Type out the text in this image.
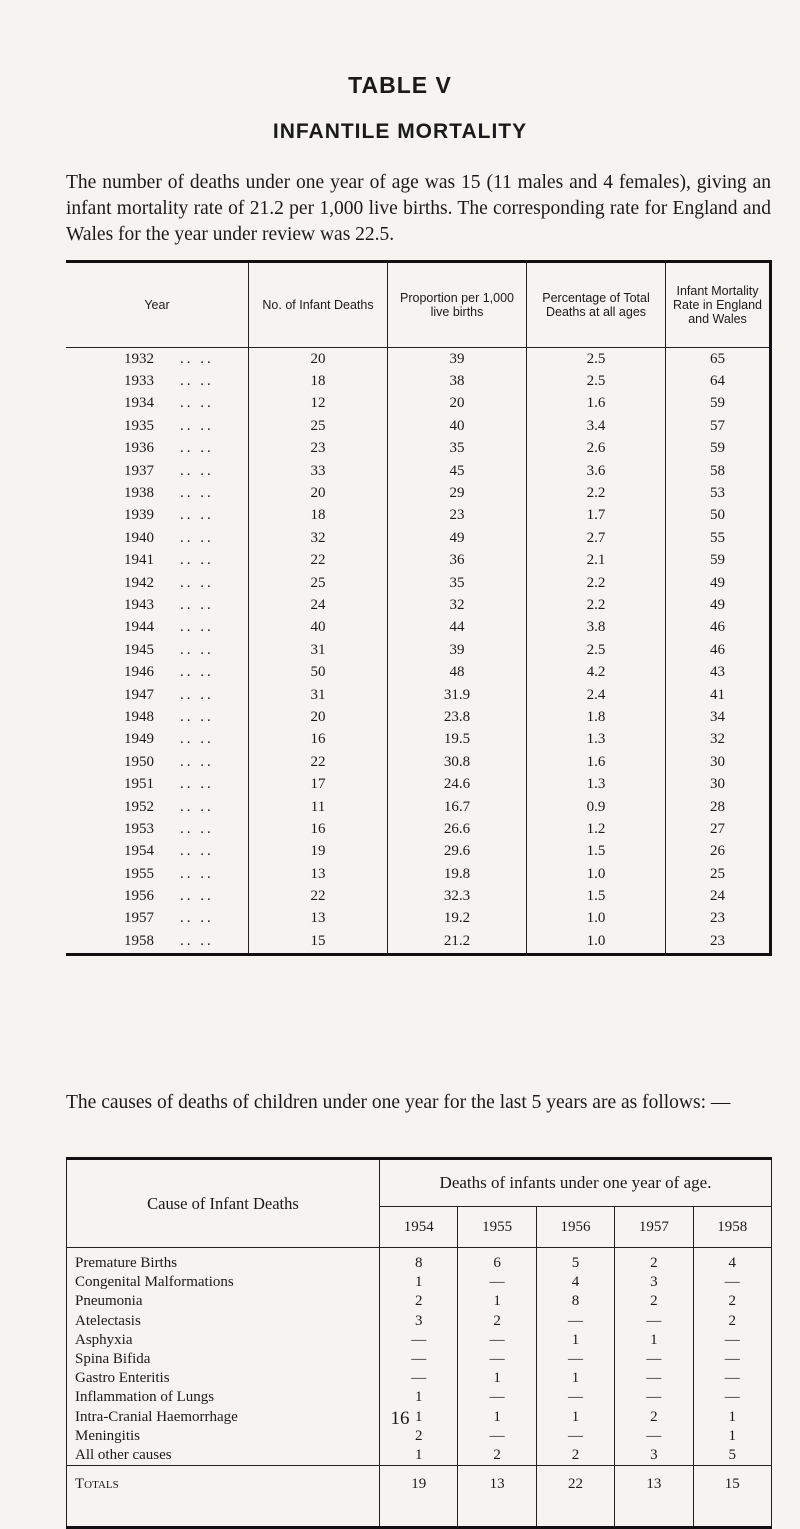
TABLE V
INFANTILE MORTALITY
The number of deaths under one year of age was 15 (11 males and 4 females), giving an infant mortality rate of 21.2 per 1,000 live births. The corresponding rate for England and Wales for the year under review was 22.5.
Year	No. of Infant Deaths	Proportion per 1,000 live births	Percentage of Total Deaths at all ages	Infant Mortality Rate in England and Wales
1932 .. ..	20	39	2.5	65
1933 .. ..	18	38	2.5	64
1934 .. ..	12	20	1.6	59
1935 .. ..	25	40	3.4	57
1936 .. ..	23	35	2.6	59
1937 .. ..	33	45	3.6	58
1938 .. ..	20	29	2.2	53
1939 .. ..	18	23	1.7	50
1940 .. ..	32	49	2.7	55
1941 .. ..	22	36	2.1	59
1942 .. ..	25	35	2.2	49
1943 .. ..	24	32	2.2	49
1944 .. ..	40	44	3.8	46
1945 .. ..	31	39	2.5	46
1946 .. ..	50	48	4.2	43
1947 .. ..	31	31.9	2.4	41
1948 .. ..	20	23.8	1.8	34
1949 .. ..	16	19.5	1.3	32
1950 .. ..	22	30.8	1.6	30
1951 .. ..	17	24.6	1.3	30
1952 .. ..	11	16.7	0.9	28
1953 .. ..	16	26.6	1.2	27
1954 .. ..	19	29.6	1.5	26
1955 .. ..	13	19.8	1.0	25
1956 .. ..	22	32.3	1.5	24
1957 .. ..	13	19.2	1.0	23
1958 .. ..	15	21.2	1.0	23
The causes of deaths of children under one year for the last 5 years are as follows: —
Cause of Infant Deaths	Deaths of infants under one year of age.				
	1954	1955	1956	1957	1958
Premature Births	8	6	5	2	4
Congenital Malformations	1	—	4	3	—
Pneumonia	2	1	8	2	2
Atelectasis	3	2	—	—	2
Asphyxia	—	—	1	1	—
Spina Bifida	—	—	—	—	—
Gastro Enteritis	—	1	1	—	—
Inflammation of Lungs	1	—	—	—	—
Intra-Cranial Haemorrhage	1	1	1	2	1
Meningitis	2	—	—	—	1
All other causes	1	2	2	3	5
Totals	19	13	22	13	15
16
